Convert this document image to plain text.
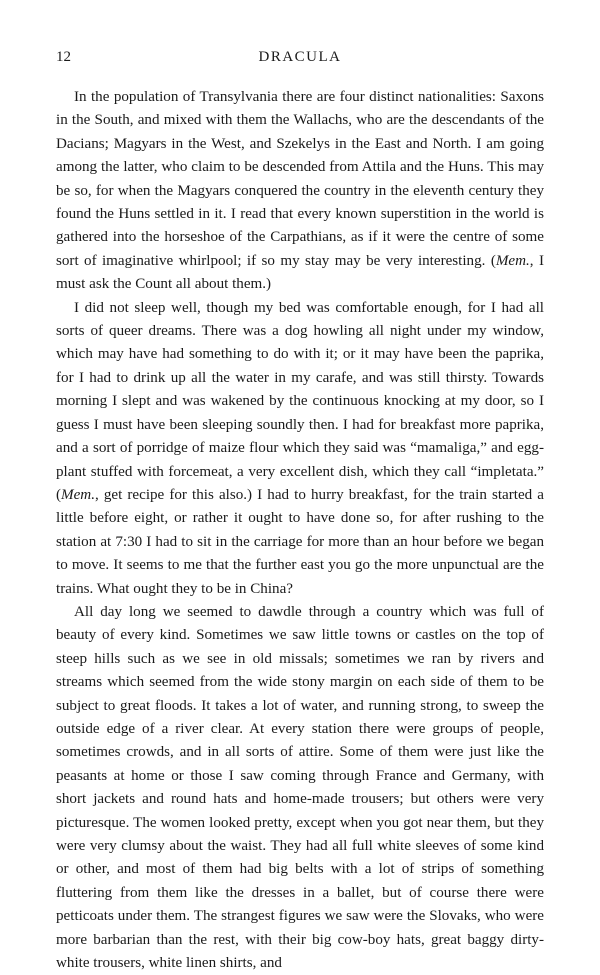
12	DRACULA

In the population of Transylvania there are four distinct nationalities: Saxons in the South, and mixed with them the Wallachs, who are the descendants of the Dacians; Magyars in the West, and Szekelys in the East and North. I am going among the latter, who claim to be descended from Attila and the Huns. This may be so, for when the Magyars conquered the country in the eleventh century they found the Huns settled in it. I read that every known superstition in the world is gathered into the horseshoe of the Carpathians, as if it were the centre of some sort of imaginative whirlpool; if so my stay may be very interesting. (Mem., I must ask the Count all about them.)

I did not sleep well, though my bed was comfortable enough, for I had all sorts of queer dreams. There was a dog howling all night under my window, which may have had something to do with it; or it may have been the paprika, for I had to drink up all the water in my carafe, and was still thirsty. Towards morning I slept and was wakened by the continuous knocking at my door, so I guess I must have been sleeping soundly then. I had for breakfast more paprika, and a sort of porridge of maize flour which they said was “mamaliga,” and egg-plant stuffed with forcemeat, a very excellent dish, which they call “impletata.” (Mem., get recipe for this also.) I had to hurry breakfast, for the train started a little before eight, or rather it ought to have done so, for after rushing to the station at 7:30 I had to sit in the carriage for more than an hour before we began to move. It seems to me that the further east you go the more unpunctual are the trains. What ought they to be in China?

All day long we seemed to dawdle through a country which was full of beauty of every kind. Sometimes we saw little towns or castles on the top of steep hills such as we see in old missals; sometimes we ran by rivers and streams which seemed from the wide stony margin on each side of them to be subject to great floods. It takes a lot of water, and running strong, to sweep the outside edge of a river clear. At every station there were groups of people, sometimes crowds, and in all sorts of attire. Some of them were just like the peasants at home or those I saw coming through France and Germany, with short jackets and round hats and home-made trousers; but others were very picturesque. The women looked pretty, except when you got near them, but they were very clumsy about the waist. They had all full white sleeves of some kind or other, and most of them had big belts with a lot of strips of something fluttering from them like the dresses in a ballet, but of course there were petticoats under them. The strangest figures we saw were the Slovaks, who were more barbarian than the rest, with their big cow-boy hats, great baggy dirty-white trousers, white linen shirts, and
